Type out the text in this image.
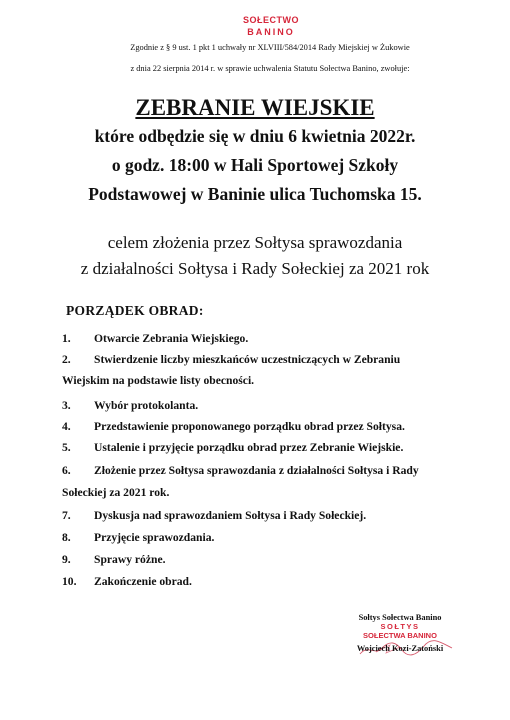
SOŁECTWO
BANINO
Zgodnie z § 9 ust. 1 pkt 1 uchwały nr XLVIII/584/2014 Rady Miejskiej w Żukowie
z dnia 22 sierpnia 2014 r. w sprawie uchwalenia Statutu Sołectwa Banino, zwołuje:
ZEBRANIE WIEJSKIE
które odbędzie się w dniu 6 kwietnia 2022r.
o godz. 18:00 w Hali Sportowej Szkoły
Podstawowej w Baninie ulica Tuchomska 15.
celem złożenia przez Sołtysa sprawozdania
z działalności Sołtysa i Rady Sołeckiej za 2021 rok
PORZĄDEK OBRAD:
1. Otwarcie Zebrania Wiejskiego.
2. Stwierdzenie liczby mieszkańców uczestniczących w Zebraniu
Wiejskim na podstawie listy obecności.
3. Wybór protokolanta.
4. Przedstawienie proponowanego porządku obrad przez Sołtysa.
5. Ustalenie i przyjęcie porządku obrad przez Zebranie Wiejskie.
6. Złożenie przez Sołtysa sprawozdania z działalności Sołtysa i Rady
Sołeckiej za 2021 rok.
7. Dyskusja nad sprawozdaniem Sołtysa i Rady Sołeckiej.
8. Przyjęcie sprawozdania.
9. Sprawy różne.
10. Zakończenie obrad.
Sołtys Sołectwa Banino
SOŁTYS
SOŁECTWA BANINO
Wojciech Kozi-Zatoński
